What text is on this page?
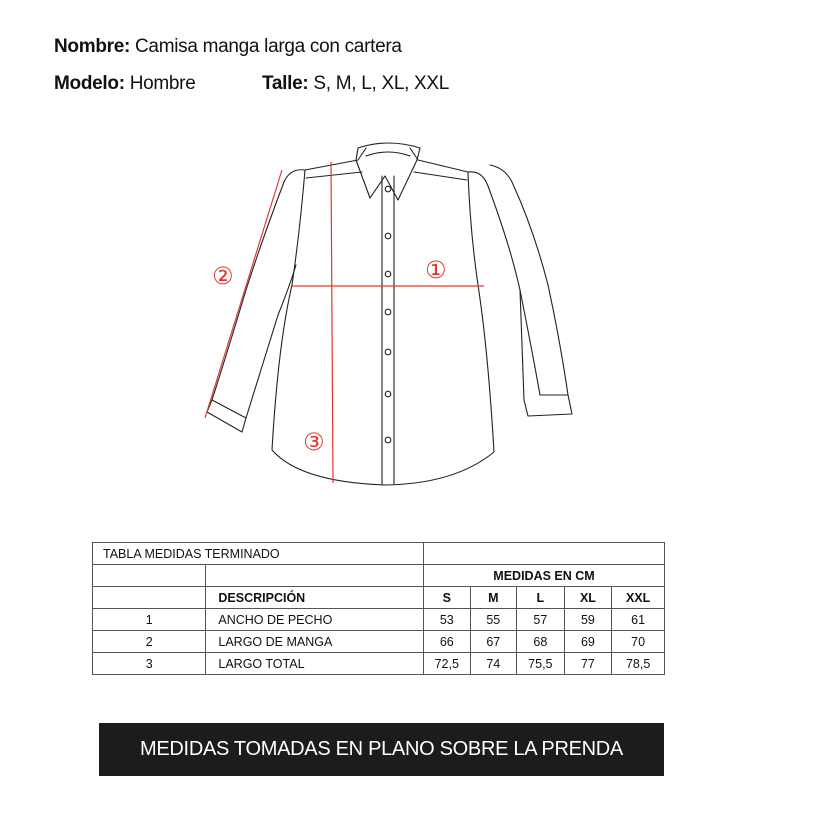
Nombre: Camisa manga larga con cartera
Modelo: Hombre	Talle: S, M, L, XL, XXL
①
②
③
TABLA MEDIDAS TERMINADO						
		MEDIDAS EN CM				
	DESCRIPCIÓN	S	M	L	XL	XXL
1	ANCHO DE PECHO	53	55	57	59	61
2	LARGO DE MANGA	66	67	68	69	70
3	LARGO TOTAL	72,5	74	75,5	77	78,5
MEDIDAS TOMADAS EN PLANO SOBRE LA PRENDA
